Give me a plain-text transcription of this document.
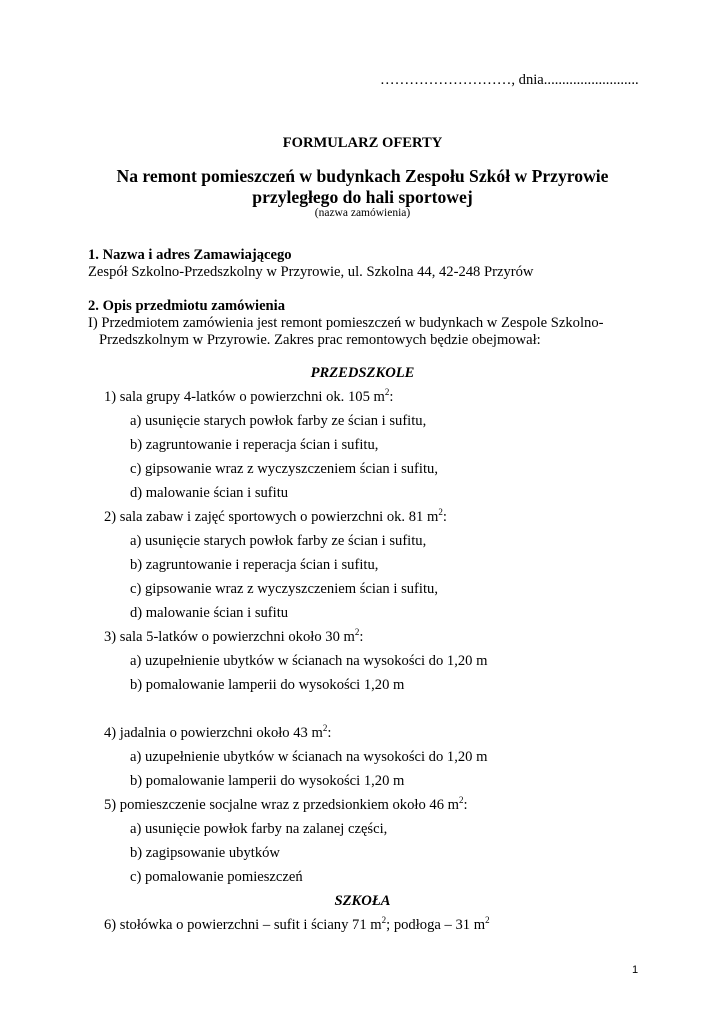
………………………, dnia..........................
FORMULARZ OFERTY
Na remont pomieszczeń w budynkach Zespołu Szkół w Przyrowie
przyległego do hali sportowej
(nazwa zamówienia)
1. Nazwa i adres Zamawiającego
Zespół Szkolno-Przedszkolny w Przyrowie, ul. Szkolna 44, 42-248 Przyrów
2. Opis przedmiotu zamówienia
I) Przedmiotem zamówienia jest remont pomieszczeń w budynkach w Zespole Szkolno-
Przedszkolnym w Przyrowie. Zakres prac remontowych będzie obejmował:
PRZEDSZKOLE
1) sala grupy 4-latków o powierzchni ok. 105 $m^2$:
a) usunięcie starych powłok farby ze ścian i sufitu,
b) zagruntowanie i reperacja ścian i sufitu,
c) gipsowanie wraz z wyczyszczeniem ścian i sufitu,
d) malowanie ścian i sufitu
2) sala zabaw i zajęć sportowych o powierzchni ok. 81 $m^2$:
a) usunięcie starych powłok farby ze ścian i sufitu,
b) zagruntowanie i reperacja ścian i sufitu,
c) gipsowanie wraz z wyczyszczeniem ścian i sufitu,
d) malowanie ścian i sufitu
3) sala 5-latków o powierzchni około 30 $m^2$:
a) uzupełnienie ubytków w ścianach na wysokości do 1,20 m
b) pomalowanie lamperii do wysokości 1,20 m
4) jadalnia o powierzchni około 43 $m^2$:
a) uzupełnienie ubytków w ścianach na wysokości do 1,20 m
b) pomalowanie lamperii do wysokości 1,20 m
5) pomieszczenie socjalne wraz z przedsionkiem około 46 $m^2$:
a) usunięcie powłok farby na zalanej części,
b) zagipsowanie ubytków
c) pomalowanie pomieszczeń
SZKOŁA
6) stołówka o powierzchni – sufit i ściany 71 $m^2$; podłoga – 31 $m^2$
1
